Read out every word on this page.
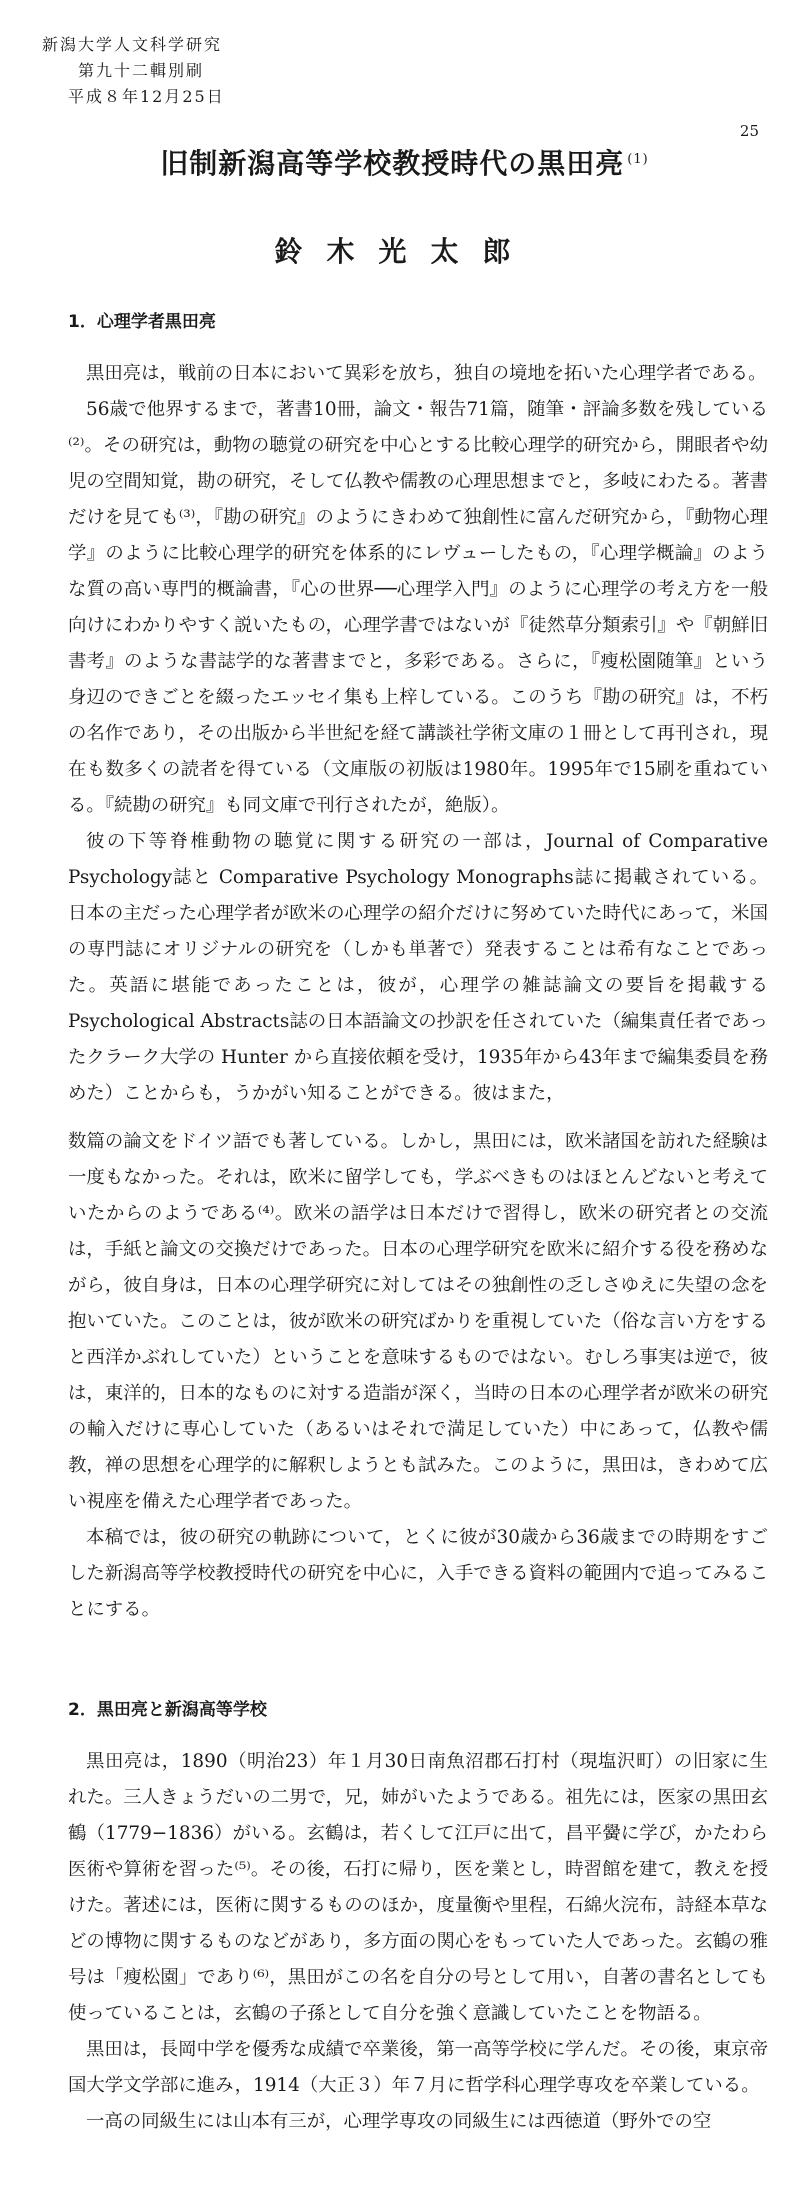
新潟大学人文科学研究
第九十二輯別刷
平成８年12月25日
25
旧制新潟高等学校教授時代の黒田亮 $^{(1)}$
鈴木光太郎
1．心理学者黒田亮

黒田亮は，戦前の日本において異彩を放ち，独自の境地を拓いた心理学者である。

56歳で他界するまで，著書10冊，論文・報告71篇，随筆・評論多数を残している⁽²⁾。その研究は，動物の聴覚の研究を中心とする比較心理学的研究から，開眼者や幼児の空間知覚，勘の研究，そして仏教や儒教の心理思想までと，多岐にわたる。著書だけを見ても⁽³⁾，『勘の研究』のようにきわめて独創性に富んだ研究から，『動物心理学』のように比較心理学的研究を体系的にレヴューしたもの，『心理学概論』のような質の高い専門的概論書，『心の世界──心理学入門』のように心理学の考え方を一般向けにわかりやすく説いたもの，心理学書ではないが『徒然草分類索引』や『朝鮮旧書考』のような書誌学的な著書までと，多彩である。さらに，『瘦松園随筆』という身辺のできごとを綴ったエッセイ集も上梓している。このうち『勘の研究』は，不朽の名作であり，その出版から半世紀を経て講談社学術文庫の１冊として再刊され，現在も数多くの読者を得ている（文庫版の初版は1980年。1995年で15刷を重ねている。『続勘の研究』も同文庫で刊行されたが，絶版）。

彼の下等脊椎動物の聴覚に関する研究の一部は，Journal of Comparative Psychology誌と Comparative Psychology Monographs誌に掲載されている。日本の主だった心理学者が欧米の心理学の紹介だけに努めていた時代にあって，米国の専門誌にオリジナルの研究を（しかも単著で）発表することは希有なことであった。英語に堪能であったことは，彼が，心理学の雑誌論文の要旨を掲載する Psychological Abstracts誌の日本語論文の抄訳を任されていた（編集責任者であったクラーク大学の Hunter から直接依頼を受け，1935年から43年まで編集委員を務めた）ことからも，うかがい知ることができる。彼はまた，

数篇の論文をドイツ語でも著している。しかし，黒田には，欧米諸国を訪れた経験は一度もなかった。それは，欧米に留学しても，学ぶべきものはほとんどないと考えていたからのようである⁽⁴⁾。欧米の語学は日本だけで習得し，欧米の研究者との交流は，手紙と論文の交換だけであった。日本の心理学研究を欧米に紹介する役を務めながら，彼自身は，日本の心理学研究に対してはその独創性の乏しさゆえに失望の念を抱いていた。このことは，彼が欧米の研究ばかりを重視していた（俗な言い方をすると西洋かぶれしていた）ということを意味するものではない。むしろ事実は逆で，彼は，東洋的，日本的なものに対する造詣が深く，当時の日本の心理学者が欧米の研究の輸入だけに専心していた（あるいはそれで満足していた）中にあって，仏教や儒教，禅の思想を心理学的に解釈しようとも試みた。このように，黒田は，きわめて広い視座を備えた心理学者であった。

本稿では，彼の研究の軌跡について，とくに彼が30歳から36歳までの時期をすごした新潟高等学校教授時代の研究を中心に，入手できる資料の範囲内で追ってみることにする。

2．黒田亮と新潟高等学校

黒田亮は，1890（明治23）年１月30日南魚沼郡石打村（現塩沢町）の旧家に生れた。三人きょうだいの二男で，兄，姉がいたようである。祖先には，医家の黒田玄鶴（1779−1836）がいる。玄鶴は，若くして江戸に出て，昌平黌に学び，かたわら医術や算術を習った⁽⁵⁾。その後，石打に帰り，医を業とし，時習館を建て，教えを授けた。著述には，医術に関するもののほか，度量衡や里程，石綿火浣布，詩経本草などの博物に関するものなどがあり，多方面の関心をもっていた人であった。玄鶴の雅号は「瘦松園」であり⁽⁶⁾，黒田がこの名を自分の号として用い，自著の書名としても使っていることは，玄鶴の子孫として自分を強く意識していたことを物語る。

黒田は，長岡中学を優秀な成績で卒業後，第一高等学校に学んだ。その後，東京帝国大学文学部に進み，1914（大正３）年７月に哲学科心理学専攻を卒業している。

一高の同級生には山本有三が，心理学専攻の同級生には西徳道（野外での空
